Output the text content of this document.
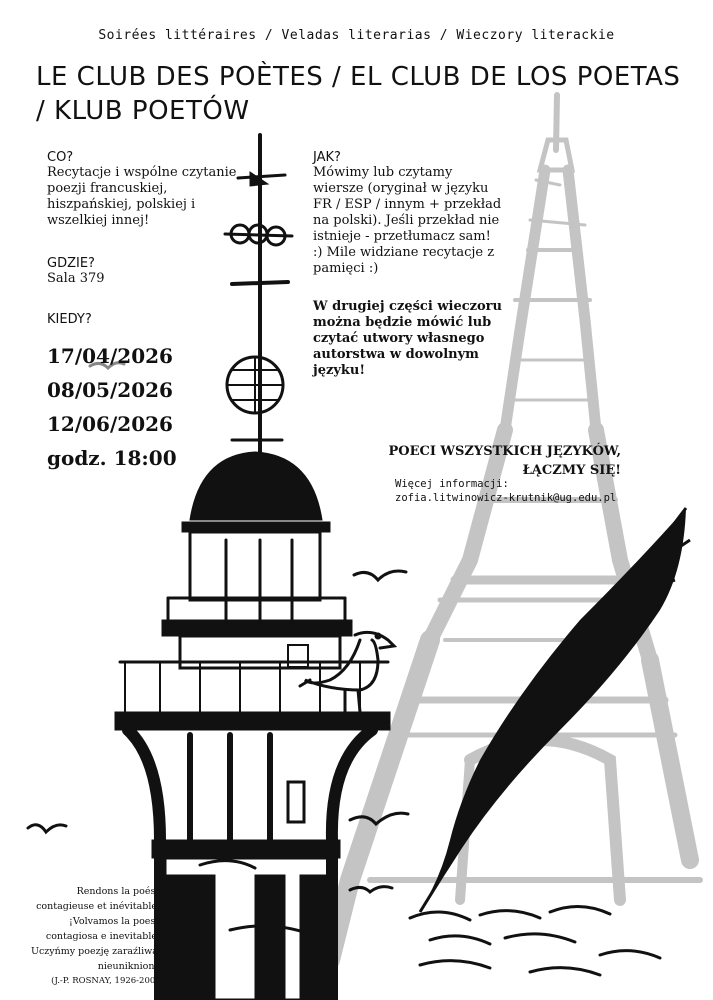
Soirées littéraires / Veladas literarias / Wieczory literackie
LE CLUB DES POÈTES / EL CLUB DE LOS POETAS / KLUB POETÓW
CO?
Recytacje i wspólne czytanie poezji francuskiej, hiszpańskiej, polskiej i wszelkiej innej!
GDZIE?
Sala 379
KIEDY?
17/04/2026
08/05/2026
12/06/2026
godz. 18:00
JAK?
Mówimy lub czytamy wiersze (oryginał w języku FR / ESP / innym + przekład na polski). Jeśli przekład nie istnieje - przetłumacz sam! :) Mile widziane recytacje z pamięci :)
W drugiej części wieczoru można będzie mówić lub czytać utwory własnego autorstwa w dowolnym języku!
POECI WSZYSTKICH JĘZYKÓW,
ŁĄCZMY SIĘ!
Więcej informacji:
zofia.litwinowicz-krutnik@ug.edu.pl
Rendons la poésie contagieuse et inévitable!/
¡Volvamos la poesía contagiosa e inevitable!/
Uczyńmy poezję zaraźliwą i nieuniknioną!
(J.-P. ROSNAY, 1926-2009)
